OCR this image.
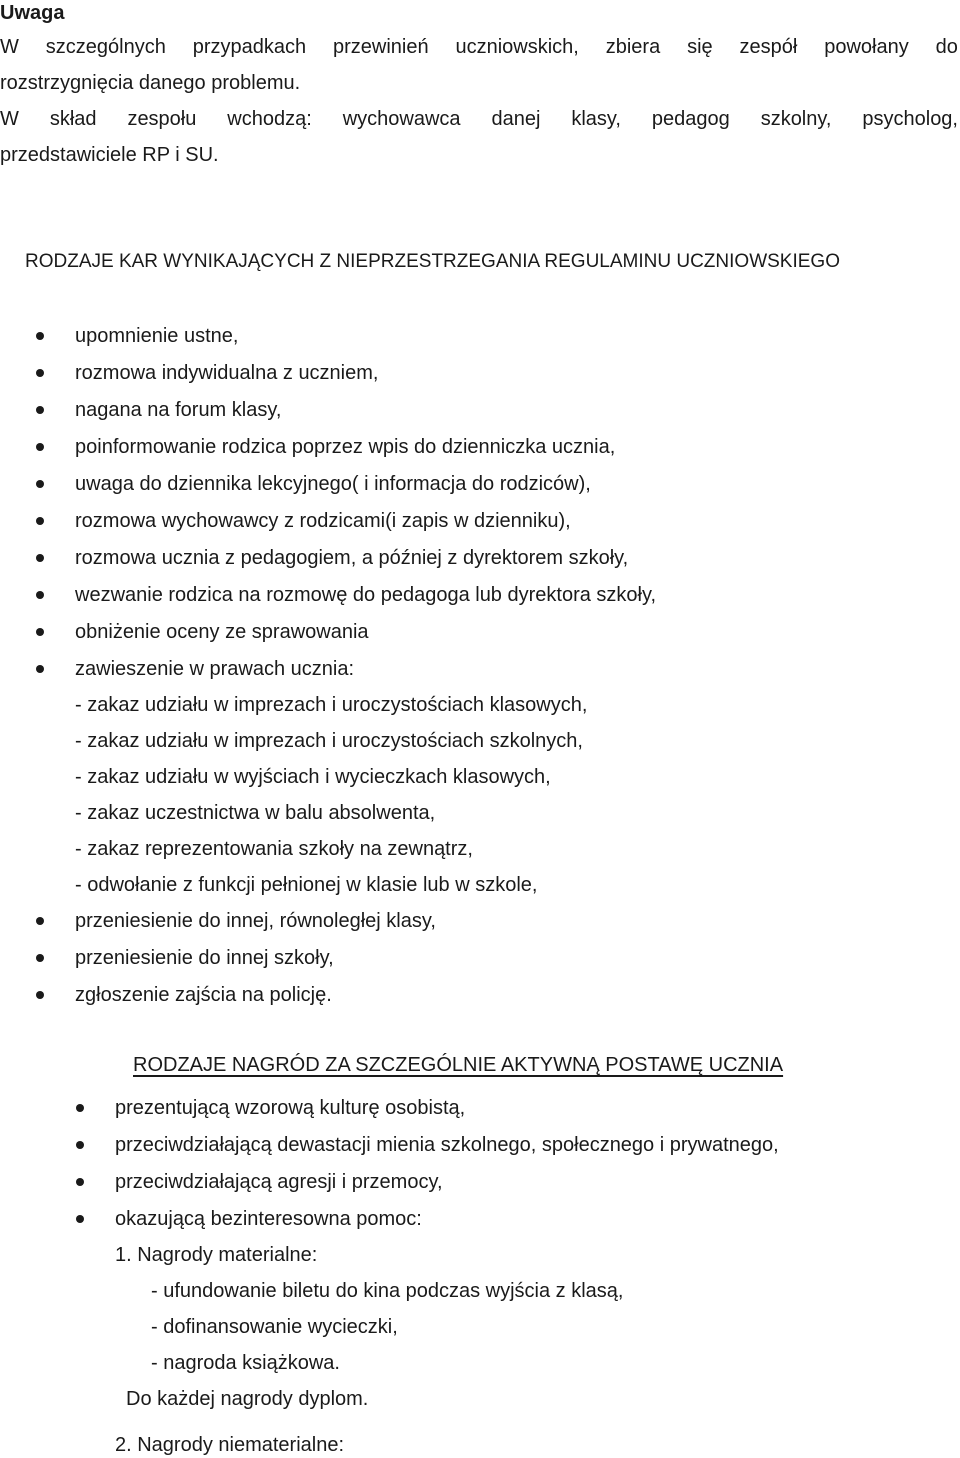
Uwaga
W szczególnych przypadkach przewinień uczniowskich, zbiera się zespół powołany do
rozstrzygnięcia danego problemu.
W skład zespołu wchodzą: wychowawca danej klasy, pedagog szkolny, psycholog,
przedstawiciele RP i SU.
RODZAJE KAR WYNIKAJĄCYCH Z NIEPRZESTRZEGANIA REGULAMINU UCZNIOWSKIEGO
upomnienie ustne,
rozmowa indywidualna z uczniem,
nagana na forum klasy,
poinformowanie rodzica poprzez wpis do dzienniczka ucznia,
uwaga do dziennika lekcyjnego( i informacja do rodziców),
rozmowa wychowawcy z rodzicami(i zapis w dzienniku),
rozmowa ucznia z pedagogiem, a później z dyrektorem szkoły,
wezwanie rodzica na rozmowę do pedagoga lub dyrektora szkoły,
obniżenie oceny ze sprawowania
zawieszenie w prawach ucznia:
- zakaz udziału w imprezach i uroczystościach klasowych,
- zakaz udziału w imprezach i uroczystościach szkolnych,
- zakaz udziału w wyjściach i wycieczkach klasowych,
- zakaz uczestnictwa w balu absolwenta,
- zakaz reprezentowania szkoły na zewnątrz,
- odwołanie z funkcji pełnionej w klasie lub w szkole,
przeniesienie do innej, równoległej klasy,
przeniesienie do innej szkoły,
zgłoszenie zajścia na policję.
RODZAJE NAGRÓD ZA SZCZEGÓLNIE AKTYWNĄ POSTAWĘ UCZNIA
prezentującą wzorową kulturę osobistą,
przeciwdziałającą dewastacji mienia szkolnego, społecznego i prywatnego,
przeciwdziałającą agresji i przemocy,
okazującą bezinteresowna pomoc:
1. Nagrody materialne:
- ufundowanie biletu do kina podczas wyjścia z klasą,
- dofinansowanie wycieczki,
- nagroda książkowa.
Do każdej nagrody dyplom.
2. Nagrody niematerialne:
